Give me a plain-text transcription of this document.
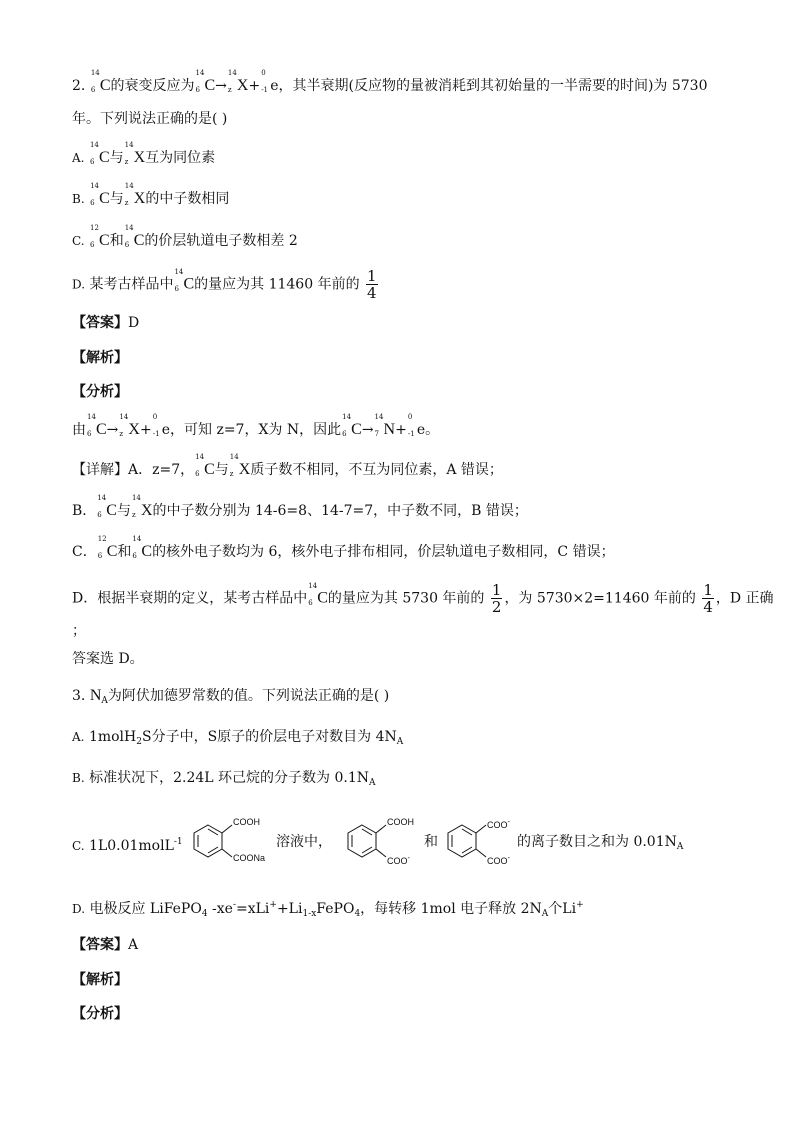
2.
14
6 C的衰变反应为
14
6 C→
14
z X+
0
-1 e，其半衰期(反应物的量被消耗到其初始量的一半需要的时间)为 5730
年。下列说法正确的是( )
A.
14
6 C与
14
z X互为同位素
B.
14
6 C与
14
z X的中子数相同
C.
12
6 C和
14
6 C的价层轨道电子数相差 2
D. 某考古样品中
14
6 C的量应为其 11460 年前的 $\frac{1}{4}$
【答案】D
【解析】
【分析】
由
14
6 C→
14
z X+
0
-1 e，可知 z=7，X为 N，因此
14
6 C→
14
7 N+
0
-1 e。
【详解】A．z=7，
14
6 C与
14
z X质子数不相同，不互为同位素，A 错误；
B．
14
6 C与
14
z X的中子数分别为 14-6=8、14-7=7，中子数不同，B 错误；
C．
12
6 C和
14
6 C的核外电子数均为 6，核外电子排布相同，价层轨道电子数相同，C 错误；
D．根据半衰期的定义，某考古样品中
14
6 C的量应为其 5730 年前的 $\frac{1}{2}$ ，为 5730×2=11460 年前的 $\frac{1}{4}$ ，D 正确
；
答案选 D。
3. $N_A$为阿伏加德罗常数的值。下列说法正确的是( )
A. 1molH$_2$S分子中，S原子的价层电子对数目为 $4N_A$
B. 标准状况下，2.24L 环己烷的分子数为 $0.1N_A$
C. 1L0.01molL$^{-1}$
COOH
COONa
溶液中，
COOH
COO-
和
COO-
COO-
的离子数目之和为 $0.01N_A$
D. 电极反应 LiFePO$_4$ $-xe^-=xLi^++Li_{1-x}FePO_4$，每转移 1mol 电子释放 $2N_A$个Li+
【答案】A
【解析】
【分析】
